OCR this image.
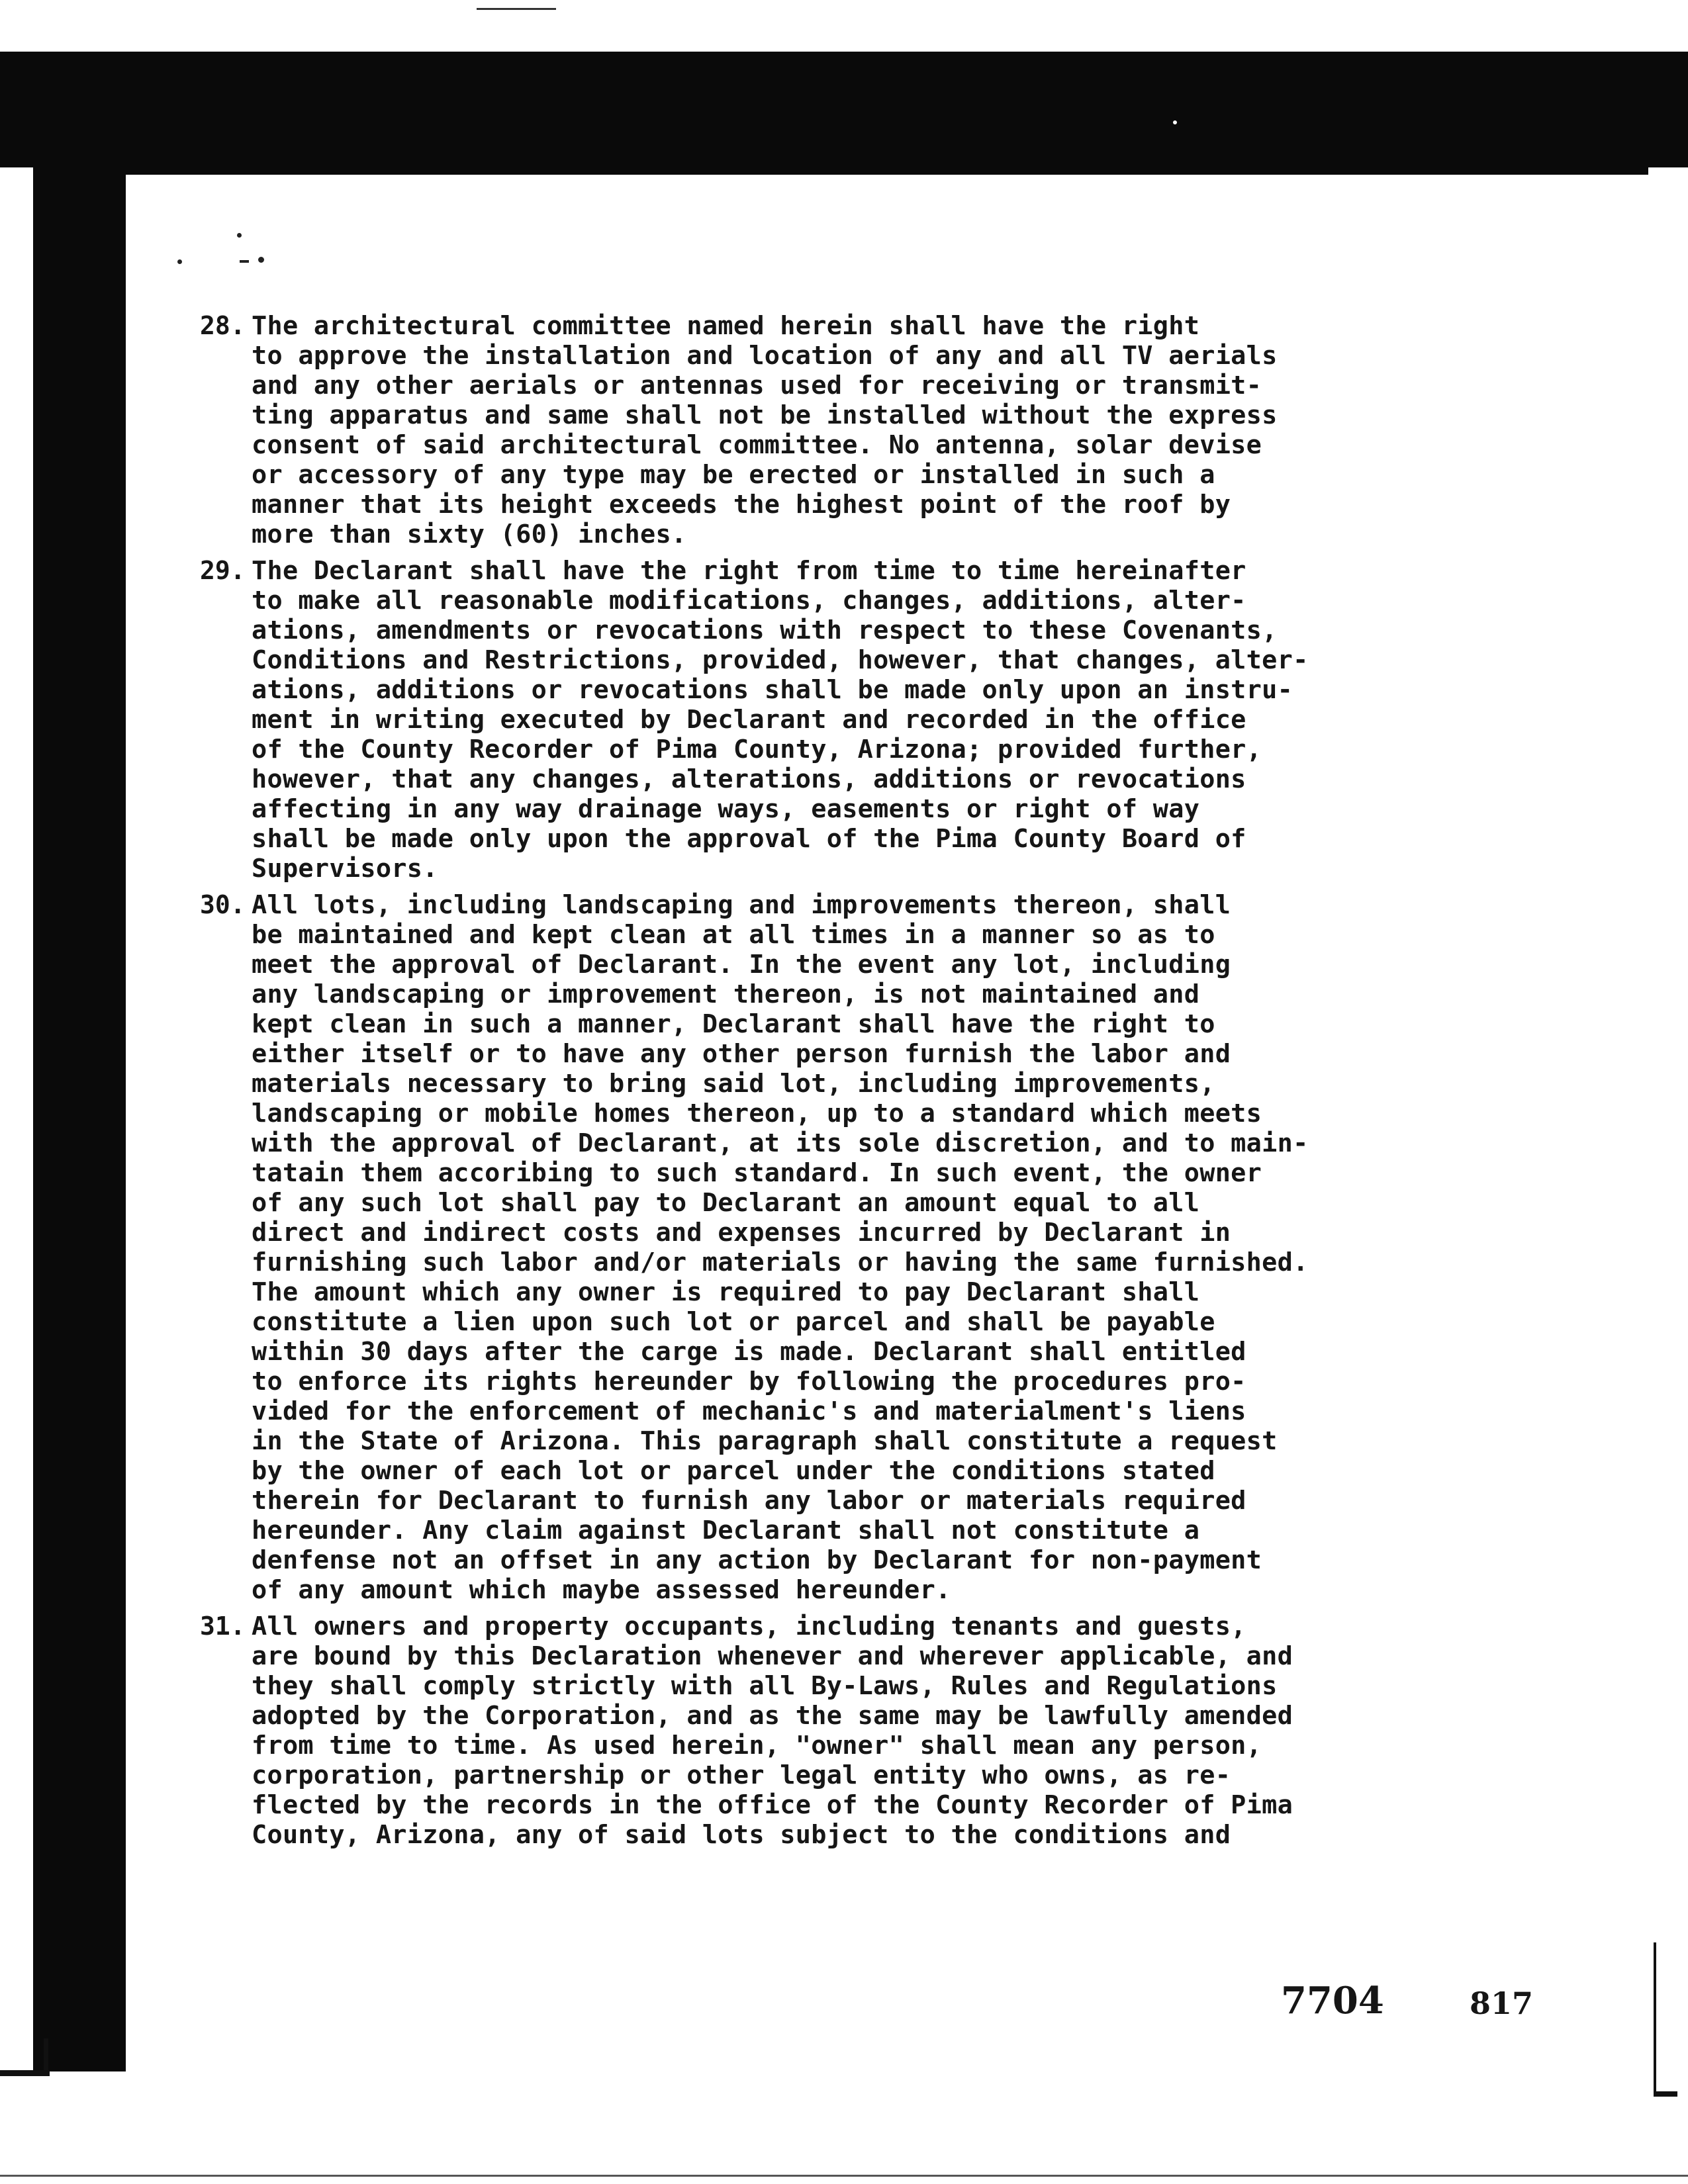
28. The architectural committee named herein shall have the right
to approve the installation and location of any and all TV aerials
and any other aerials or antennas used for receiving or transmit-
ting apparatus and same shall not be installed without the express
consent of said architectural committee. No antenna, solar devise
or accessory of any type may be erected or installed in such a
manner that its height exceeds the highest point of the roof by
more than sixty (60) inches.
29. The Declarant shall have the right from time to time hereinafter
to make all reasonable modifications, changes, additions, alter-
ations, amendments or revocations with respect to these Covenants,
Conditions and Restrictions, provided, however, that changes, alter-
ations, additions or revocations shall be made only upon an instru-
ment in writing executed by Declarant and recorded in the office
of the County Recorder of Pima County, Arizona; provided further,
however, that any changes, alterations, additions or revocations
affecting in any way drainage ways, easements or right of way
shall be made only upon the approval of the Pima County Board of
Supervisors.
30. All lots, including landscaping and improvements thereon, shall
be maintained and kept clean at all times in a manner so as to
meet the approval of Declarant. In the event any lot, including
any landscaping or improvement thereon, is not maintained and
kept clean in such a manner, Declarant shall have the right to
either itself or to have any other person furnish the labor and
materials necessary to bring said lot, including improvements,
landscaping or mobile homes thereon, up to a standard which meets
with the approval of Declarant, at its sole discretion, and to main-
tatain them accoribing to such standard. In such event, the owner
of any such lot shall pay to Declarant an amount equal to all
direct and indirect costs and expenses incurred by Declarant in
furnishing such labor and/or materials or having the same furnished.
The amount which any owner is required to pay Declarant shall
constitute a lien upon such lot or parcel and shall be payable
within 30 days after the carge is made. Declarant shall entitled
to enforce its rights hereunder by following the procedures pro-
vided for the enforcement of mechanic's and materialment's liens
in the State of Arizona. This paragraph shall constitute a request
by the owner of each lot or parcel under the conditions stated
therein for Declarant to furnish any labor or materials required
hereunder. Any claim against Declarant shall not constitute a
denfense not an offset in any action by Declarant for non-payment
of any amount which maybe assessed hereunder.
31. All owners and property occupants, including tenants and guests,
are bound by this Declaration whenever and wherever applicable, and
they shall comply strictly with all By-Laws, Rules and Regulations
adopted by the Corporation, and as the same may be lawfully amended
from time to time. As used herein, "owner" shall mean any person,
corporation, partnership or other legal entity who owns, as re-
flected by the records in the office of the County Recorder of Pima
County, Arizona, any of said lots subject to the conditions and
7704	817
